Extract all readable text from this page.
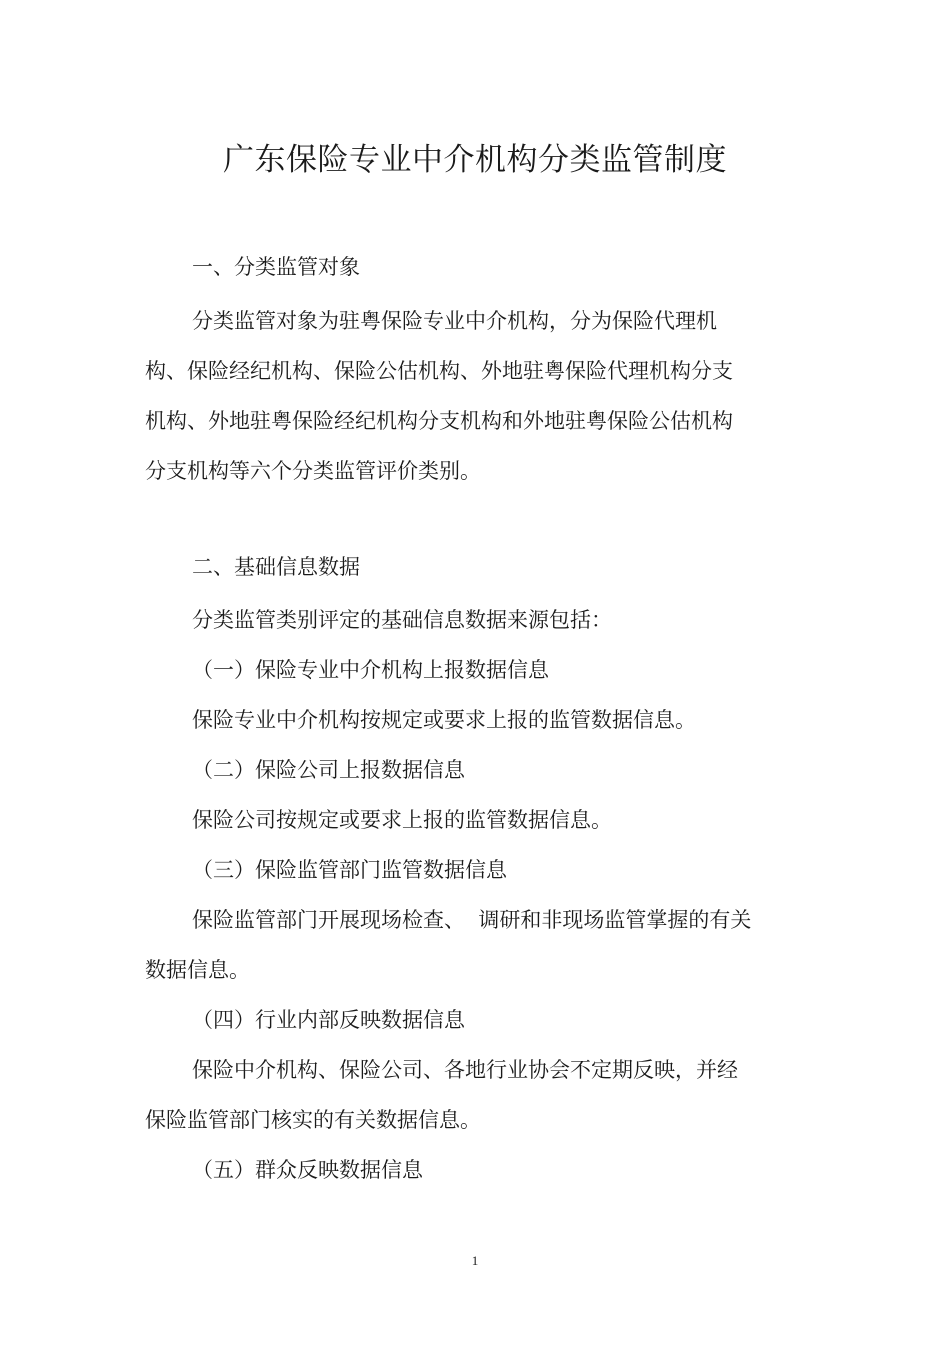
广东保险专业中介机构分类监管制度
一、分类监管对象
分类监管对象为驻粤保险专业中介机构，分为保险代理机
构、保险经纪机构、保险公估机构、外地驻粤保险代理机构分支
机构、外地驻粤保险经纪机构分支机构和外地驻粤保险公估机构
分支机构等六个分类监管评价类别。
二、基础信息数据
分类监管类别评定的基础信息数据来源包括：
（一）保险专业中介机构上报数据信息
保险专业中介机构按规定或要求上报的监管数据信息。
（二）保险公司上报数据信息
保险公司按规定或要求上报的监管数据信息。
（三）保险监管部门监管数据信息
保险监管部门开展现场检查、  调研和非现场监管掌握的有关
数据信息。
（四）行业内部反映数据信息
保险中介机构、保险公司、各地行业协会不定期反映，并经
保险监管部门核实的有关数据信息。
（五）群众反映数据信息
1
